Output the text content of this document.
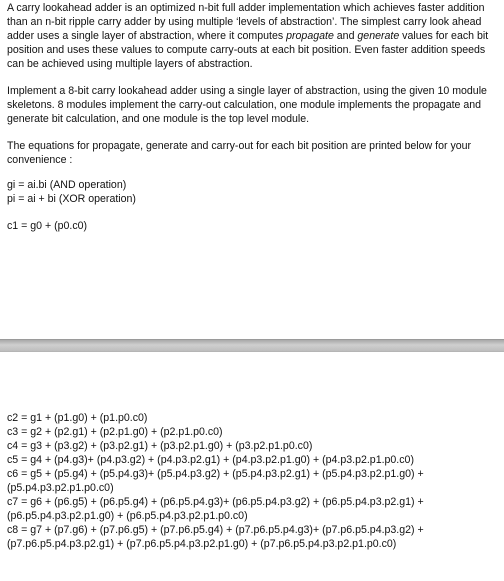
A carry lookahead adder is an optimized n-bit full adder implementation which achieves faster addition than an n-bit ripple carry adder by using multiple ‘levels of abstraction’. The simplest carry look ahead adder uses a single layer of abstraction, where it computes propagate and generate values for each bit position and uses these values to compute carry-outs at each bit position. Even faster addition speeds can be achieved using multiple layers of abstraction.

Implement a 8-bit carry lookahead adder using a single layer of abstraction, using the given 10 module skeletons. 8 modules implement the carry-out calculation, one module implements the propagate and generate bit calculation, and one module is the top level module.

The equations for propagate, generate and carry-out for each bit position are printed below for your convenience :

gi = ai.bi (AND operation)

pi = ai + bi (XOR operation)

c1 = g0 + (p0.c0)

c2 = g1 + (p1.g0) + (p1.p0.c0)
c3 = g2 + (p2.g1) + (p2.p1.g0) + (p2.p1.p0.c0)
c4 = g3 + (p3.g2) + (p3.p2.g1) + (p3.p2.p1.g0) + (p3.p2.p1.p0.c0)
c5 = g4 + (p4.g3)+ (p4.p3.g2) + (p4.p3.p2.g1) + (p4.p3.p2.p1.g0) + (p4.p3.p2.p1.p0.c0)
c6 = g5 + (p5.g4) + (p5.p4.g3)+ (p5.p4.p3.g2) + (p5.p4.p3.p2.g1) + (p5.p4.p3.p2.p1.g0) +
(p5.p4.p3.p2.p1.p0.c0)
c7 = g6 + (p6.g5) + (p6.p5.g4) + (p6.p5.p4.g3)+ (p6.p5.p4.p3.g2) + (p6.p5.p4.p3.p2.g1) +
(p6.p5.p4.p3.p2.p1.g0) + (p6.p5.p4.p3.p2.p1.p0.c0)
c8 = g7 + (p7.g6) + (p7.p6.g5) + (p7.p6.p5.g4) + (p7.p6.p5.p4.g3)+ (p7.p6.p5.p4.p3.g2) +
(p7.p6.p5.p4.p3.p2.g1) + (p7.p6.p5.p4.p3.p2.p1.g0) + (p7.p6.p5.p4.p3.p2.p1.p0.c0)
